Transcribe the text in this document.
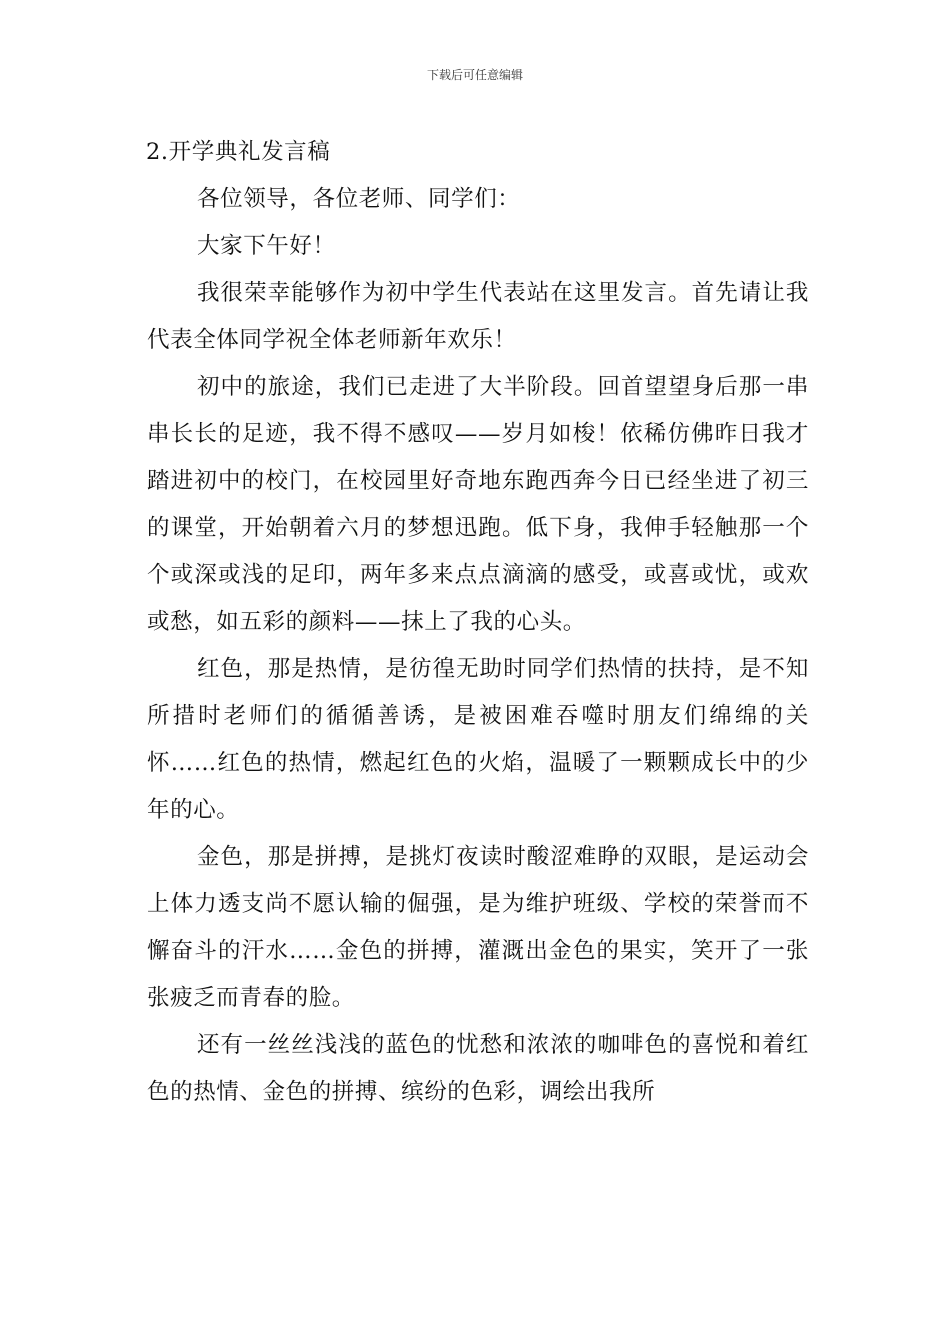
下载后可任意编辑
2.开学典礼发言稿

各位领导，各位老师、同学们：

大家下午好！

我很荣幸能够作为初中学生代表站在这里发言。首先请让我代表全体同学祝全体老师新年欢乐！

初中的旅途，我们已走进了大半阶段。回首望望身后那一串串长长的足迹，我不得不感叹——岁月如梭！依稀仿佛昨日我才踏进初中的校门，在校园里好奇地东跑西奔今日已经坐进了初三的课堂，开始朝着六月的梦想迅跑。低下身，我伸手轻触那一个个或深或浅的足印，两年多来点点滴滴的感受，或喜或忧，或欢或愁，如五彩的颜料——抹上了我的心头。

红色，那是热情，是彷徨无助时同学们热情的扶持，是不知所措时老师们的循循善诱，是被困难吞噬时朋友们绵绵的关怀……红色的热情，燃起红色的火焰，温暖了一颗颗成长中的少年的心。

金色，那是拼搏，是挑灯夜读时酸涩难睁的双眼，是运动会上体力透支尚不愿认输的倔强，是为维护班级、学校的荣誉而不懈奋斗的汗水……金色的拼搏，灌溉出金色的果实，笑开了一张张疲乏而青春的脸。

还有一丝丝浅浅的蓝色的忧愁和浓浓的咖啡色的喜悦和着红色的热情、金色的拼搏、缤纷的色彩，调绘出我所
